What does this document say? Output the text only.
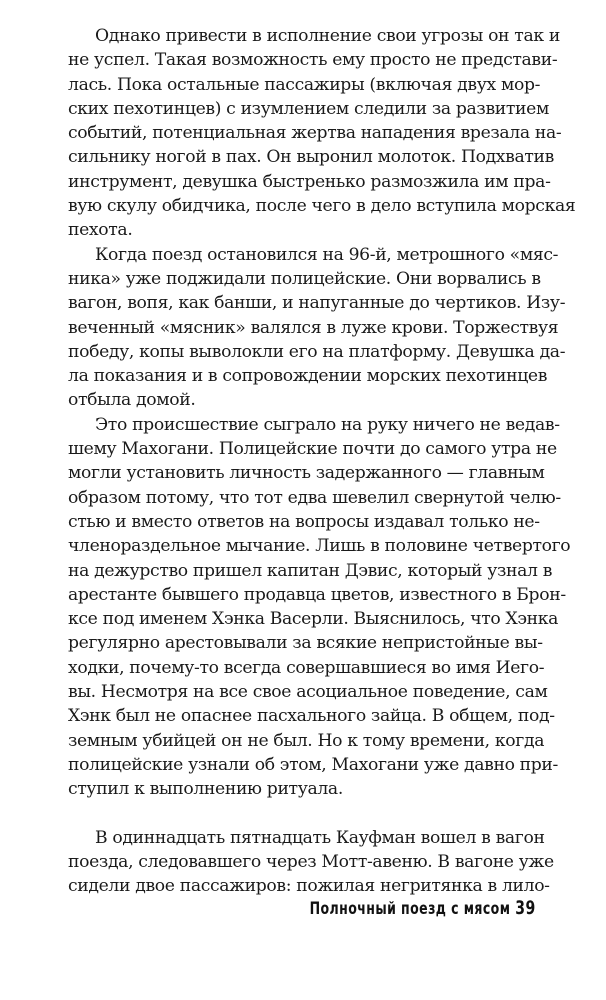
Однако привести в исполнение свои угрозы он так и
не успел. Такая возможность ему просто не представи-
лась. Пока остальные пассажиры (включая двух мор-
ских пехотинцев) с изумлением следили за развитием
событий, потенциальная жертва нападения врезала на-
сильнику ногой в пах. Он выронил молоток. Подхватив
инструмент, девушка быстренько размозжила им пра-
вую скулу обидчика, после чего в дело вступила морская
пехота.
Когда поезд остановился на 96-й, метрошного «мяс-
ника» уже поджидали полицейские. Они ворвались в
вагон, вопя, как банши, и напуганные до чертиков. Изу-
веченный «мясник» валялся в луже крови. Торжествуя
победу, копы выволокли его на платформу. Девушка да-
ла показания и в сопровождении морских пехотинцев
отбыла домой.
Это происшествие сыграло на руку ничего не ведав-
шему Махогани. Полицейские почти до самого утра не
могли установить личность задержанного — главным
образом потому, что тот едва шевелил свернутой челю-
стью и вместо ответов на вопросы издавал только не-
членораздельное мычание. Лишь в половине четвертого
на дежурство пришел капитан Дэвис, который узнал в
арестанте бывшего продавца цветов, известного в Брон-
ксе под именем Хэнка Васерли. Выяснилось, что Хэнка
регулярно арестовывали за всякие непристойные вы-
ходки, почему-то всегда совершавшиеся во имя Иего-
вы. Несмотря на все свое асоциальное поведение, сам
Хэнк был не опаснее пасхального зайца. В общем, под-
земным убийцей он не был. Но к тому времени, когда
полицейские узнали об этом, Махогани уже давно при-
ступил к выполнению ритуала.
В одиннадцать пятнадцать Кауфман вошел в вагон
поезда, следовавшего через Мотт-авеню. В вагоне уже
сидели двое пассажиров: пожилая негритянка в лило-
Полночный поезд с мясом 39
